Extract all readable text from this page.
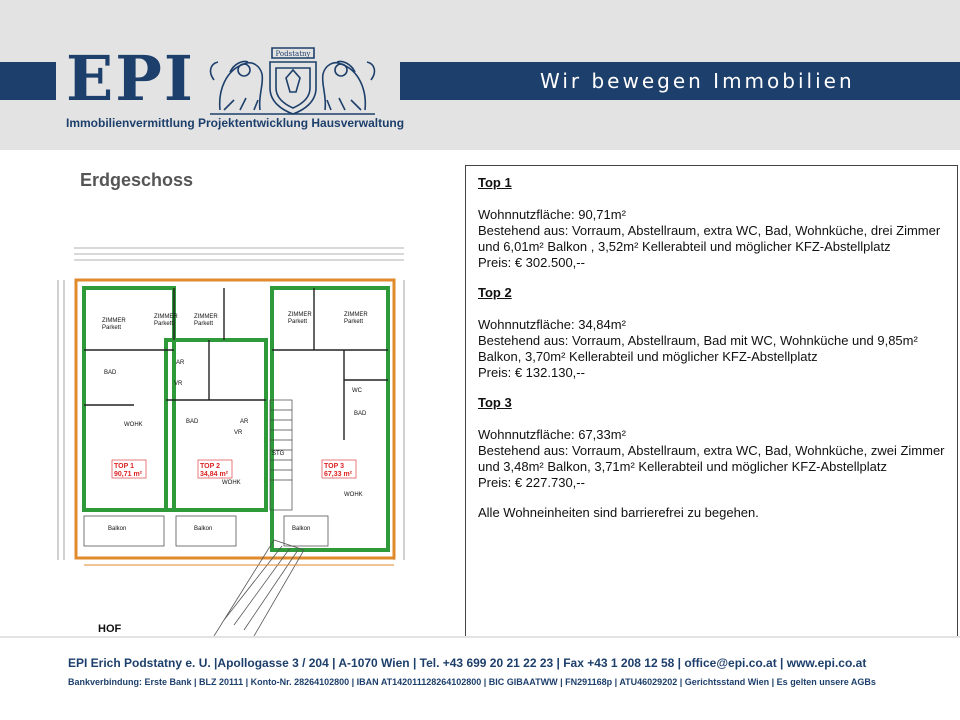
Wir bewegen Immobilien
EPI	Podstatny
Immobilienvermittlung Projektentwicklung Hausverwaltung
Erdgeschoss
ZIMMER
Parkett
ZIMMER
Parkett
ZIMMER
Parkett
ZIMMER
Parkett
ZIMMER
Parkett
BAD
AR
VR
AR
VR
BAD
WC
BAD
WOHK
WOHK
WOHK
STG
Balkon	Balkon	Balkon
TOP 1
90,71 m²
TOP 2
34,84 m²
TOP 3
67,33 m²
HOF

Top 1

Wohnnutzfläche: 90,71m²

Bestehend aus: Vorraum, Abstellraum, extra WC, Bad, Wohnküche, drei Zimmer und 6,01m² Balkon , 3,52m² Kellerabteil und möglicher KFZ-Abstellplatz

Preis: € 302.500,--

Top 2

Wohnnutzfläche: 34,84m²

Bestehend aus: Vorraum, Abstellraum, Bad mit WC, Wohnküche und 9,85m² Balkon, 3,70m² Kellerabteil und möglicher KFZ-Abstellplatz

Preis: € 132.130,--

Top 3

Wohnnutzfläche: 67,33m²

Bestehend aus: Vorraum, Abstellraum, extra WC, Bad, Wohnküche, zwei Zimmer und 3,48m² Balkon, 3,71m² Kellerabteil und möglicher KFZ-Abstellplatz

Preis: € 227.730,--

Alle Wohneinheiten sind barrierefrei zu begehen.

EPI Erich Podstatny e. U. |Apollogasse 3 / 204 | A-1070 Wien | Tel. +43 699 20 21 22 23 | Fax +43 1 208 12 58 | office@epi.co.at | www.epi.co.at
Bankverbindung: Erste Bank | BLZ 20111 | Konto-Nr. 28264102800 | IBAN AT142011128264102800 | BIC GIBAATWW | FN291168p | ATU46029202 | Gerichtsstand Wien | Es gelten unsere AGBs
